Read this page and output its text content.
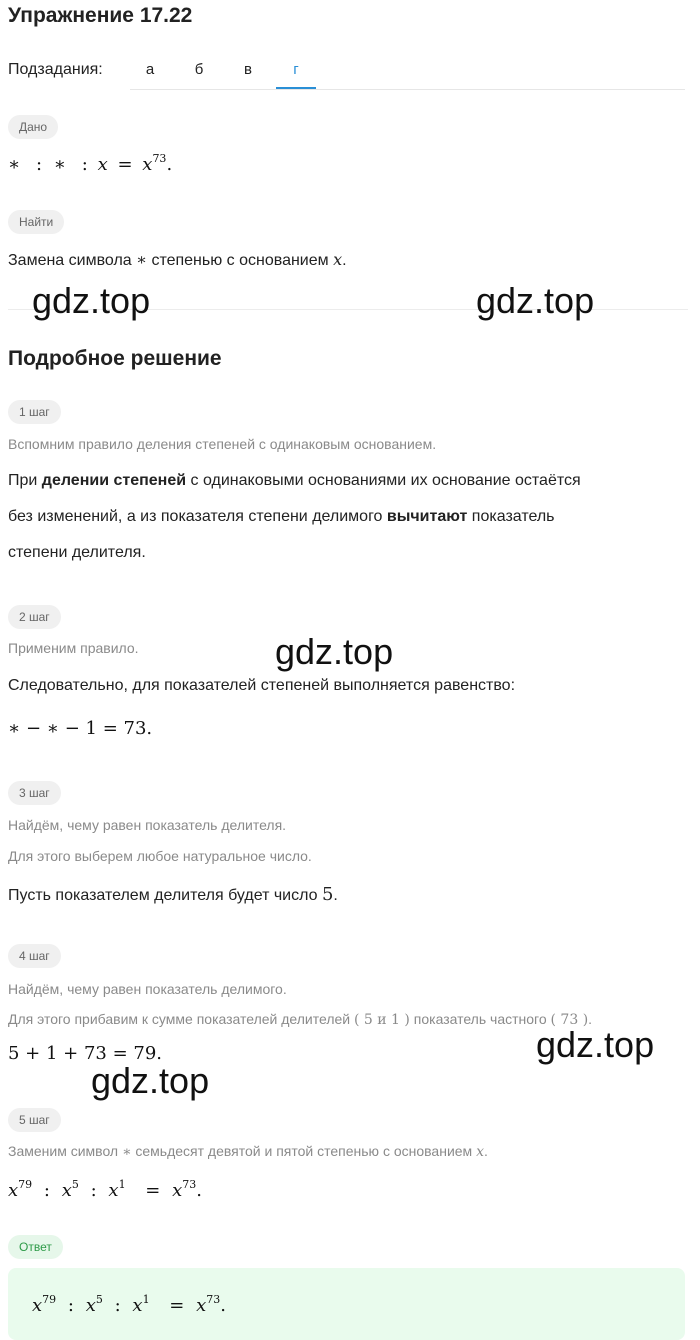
Упражнение 17.22
Подзадания:	а	б	в	г
Дано
∗ : ∗ : $x = x^{73}$.
Найти
Замена символа ∗ степенью с основанием x.
gdz.top	gdz.top
gdz.top
gdz.top
gdz.top
Подробное решение
1 шаг
Вспомним правило деления степеней с одинаковым основанием.
При делении степеней с одинаковыми основаниями их основание остаётся
без изменений, а из показателя степени делимого вычитают показатель
степени делителя.
2 шаг
Применим правило.
Следовательно, для показателей степеней выполняется равенство:
∗ − ∗ − 1 = 73.
3 шаг
Найдём, чему равен показатель делителя.
Для этого выберем любое натуральное число.
Пусть показателем делителя будет число 5.
4 шаг
Найдём, чему равен показатель делимого.
Для этого прибавим к сумме показателей делителей ( 5 и 1 ) показатель частного ( 73 ).
5 + 1 + 73 = 79.
5 шаг
Заменим символ ∗ семьдесят девятой и пятой степенью с основанием x.
$x^{79}$ : $x^5$ : $x^1 = x^{73}$.
Ответ
$x^{79}$ : $x^5$ : $x^1 = x^{73}$.
